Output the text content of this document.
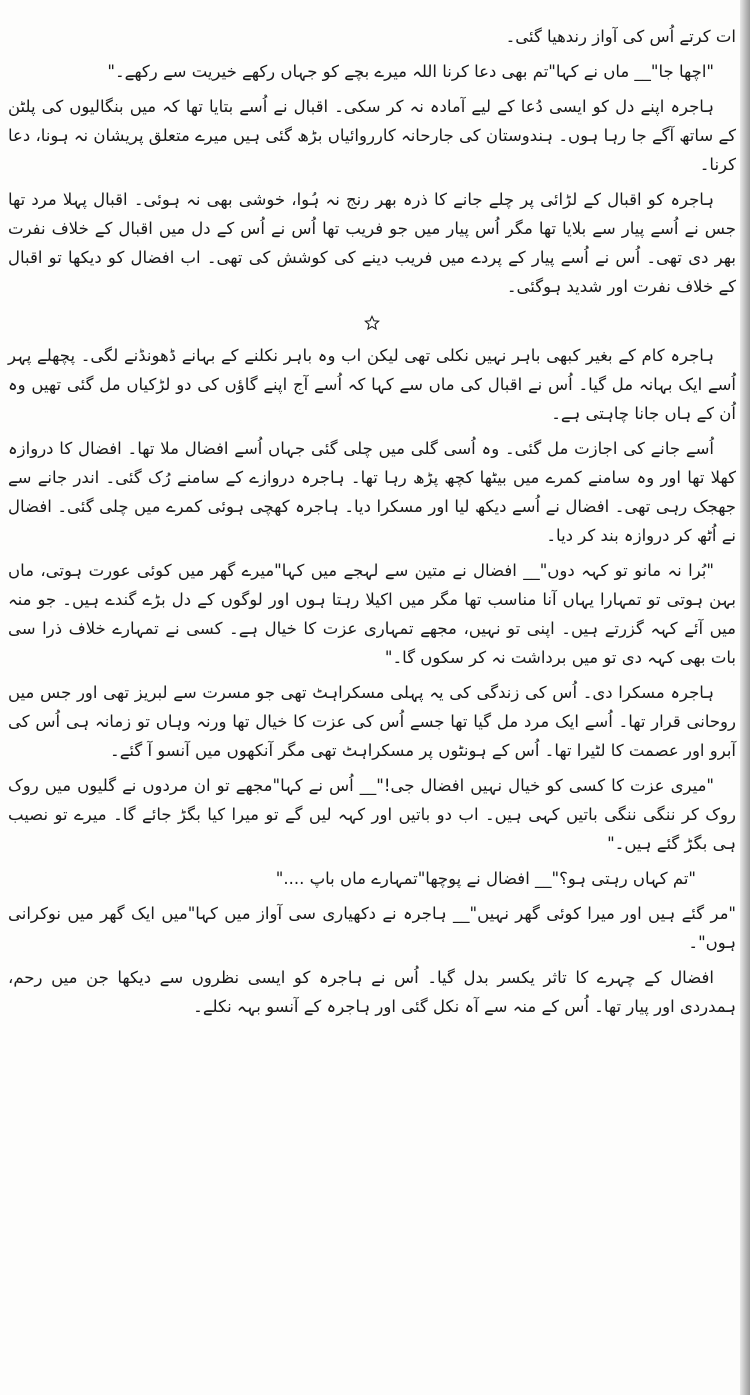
ات کرتے اُس کی آواز رندھیا گئی۔

"اچھا جا"__ ماں نے کہا"تم بھی دعا کرنا اللہ میرے بچے کو جہاں رکھے خیریت سے رکھے۔"

ہاجرہ اپنے دل کو ایسی دُعا کے لیے آمادہ نہ کر سکی۔ اقبال نے اُسے بتایا تھا کہ میں بنگالیوں کی پلٹن کے ساتھ آگے جا رہا ہوں۔ ہندوستان کی جارحانہ کارروائیاں بڑھ گئی ہیں میرے متعلق پریشان نہ ہونا، دعا کرنا۔

ہاجرہ کو اقبال کے لڑائی پر چلے جانے کا ذرہ بھر رنج نہ ہُوا، خوشی بھی نہ ہوئی۔ اقبال پہلا مرد تھا جس نے اُسے پیار سے بلایا تھا مگر اُس پیار میں جو فریب تھا اُس نے اُس کے دل میں اقبال کے خلاف نفرت بھر دی تھی۔ اُس نے اُسے پیار کے پردے میں فریب دینے کی کوشش کی تھی۔ اب افضال کو دیکھا تو اقبال کے خلاف نفرت اور شدید ہوگئی۔

ہاجرہ کام کے بغیر کبھی باہر نہیں نکلی تھی لیکن اب وہ باہر نکلنے کے بہانے ڈھونڈنے لگی۔ پچھلے پہر اُسے ایک بہانہ مل گیا۔ اُس نے اقبال کی ماں سے کہا کہ اُسے آج اپنے گاؤں کی دو لڑکیاں مل گئی تھیں وہ اُن کے ہاں جانا چاہتی ہے۔

اُسے جانے کی اجازت مل گئی۔ وہ اُسی گلی میں چلی گئی جہاں اُسے افضال ملا تھا۔ افضال کا دروازہ کھلا تھا اور وہ سامنے کمرے میں بیٹھا کچھ پڑھ رہا تھا۔ ہاجرہ دروازے کے سامنے رُک گئی۔ اندر جانے سے جھجک رہی تھی۔ افضال نے اُسے دیکھ لیا اور مسکرا دیا۔ ہاجرہ کھچی ہوئی کمرے میں چلی گئی۔ افضال نے اُٹھ کر دروازہ بند کر دیا۔

"بُرا نہ مانو تو کہہ دوں"__ افضال نے متین سے لہجے میں کہا"میرے گھر میں کوئی عورت ہوتی، ماں بہن ہوتی تو تمہارا یہاں آنا مناسب تھا مگر میں اکیلا رہتا ہوں اور لوگوں کے دل بڑے گندے ہیں۔ جو منہ میں آئے کہہ گزرتے ہیں۔ اپنی تو نہیں، مجھے تمہاری عزت کا خیال ہے۔ کسی نے تمہارے خلاف ذرا سی بات بھی کہہ دی تو میں برداشت نہ کر سکوں گا۔"

ہاجرہ مسکرا دی۔ اُس کی زندگی کی یہ پہلی مسکراہٹ تھی جو مسرت سے لبریز تھی اور جس میں روحانی قرار تھا۔ اُسے ایک مرد مل گیا تھا جسے اُس کی عزت کا خیال تھا ورنہ وہاں تو زمانہ ہی اُس کی آبرو اور عصمت کا لٹیرا تھا۔ اُس کے ہونٹوں پر مسکراہٹ تھی مگر آنکھوں میں آنسو آ گئے۔

"میری عزت کا کسی کو خیال نہیں افضال جی!"__ اُس نے کہا"مجھے تو ان مردوں نے گلیوں میں روک روک کر ننگی ننگی باتیں کہی ہیں۔ اب دو باتیں اور کہہ لیں گے تو میرا کیا بگڑ جائے گا۔ میرے تو نصیب ہی بگڑ گئے ہیں۔"

"تم کہاں رہتی ہو؟"__ افضال نے پوچھا"تمہارے ماں باپ ...."

"مر گئے ہیں اور میرا کوئی گھر نہیں"__ ہاجرہ نے دکھیاری سی آواز میں کہا"میں ایک گھر میں نوکرانی ہوں"۔

افضال کے چہرے کا تاثر یکسر بدل گیا۔ اُس نے ہاجرہ کو ایسی نظروں سے دیکھا جن میں رحم، ہمدردی اور پیار تھا۔ اُس کے منہ سے آہ نکل گئی اور ہاجرہ کے آنسو بہہ نکلے۔
